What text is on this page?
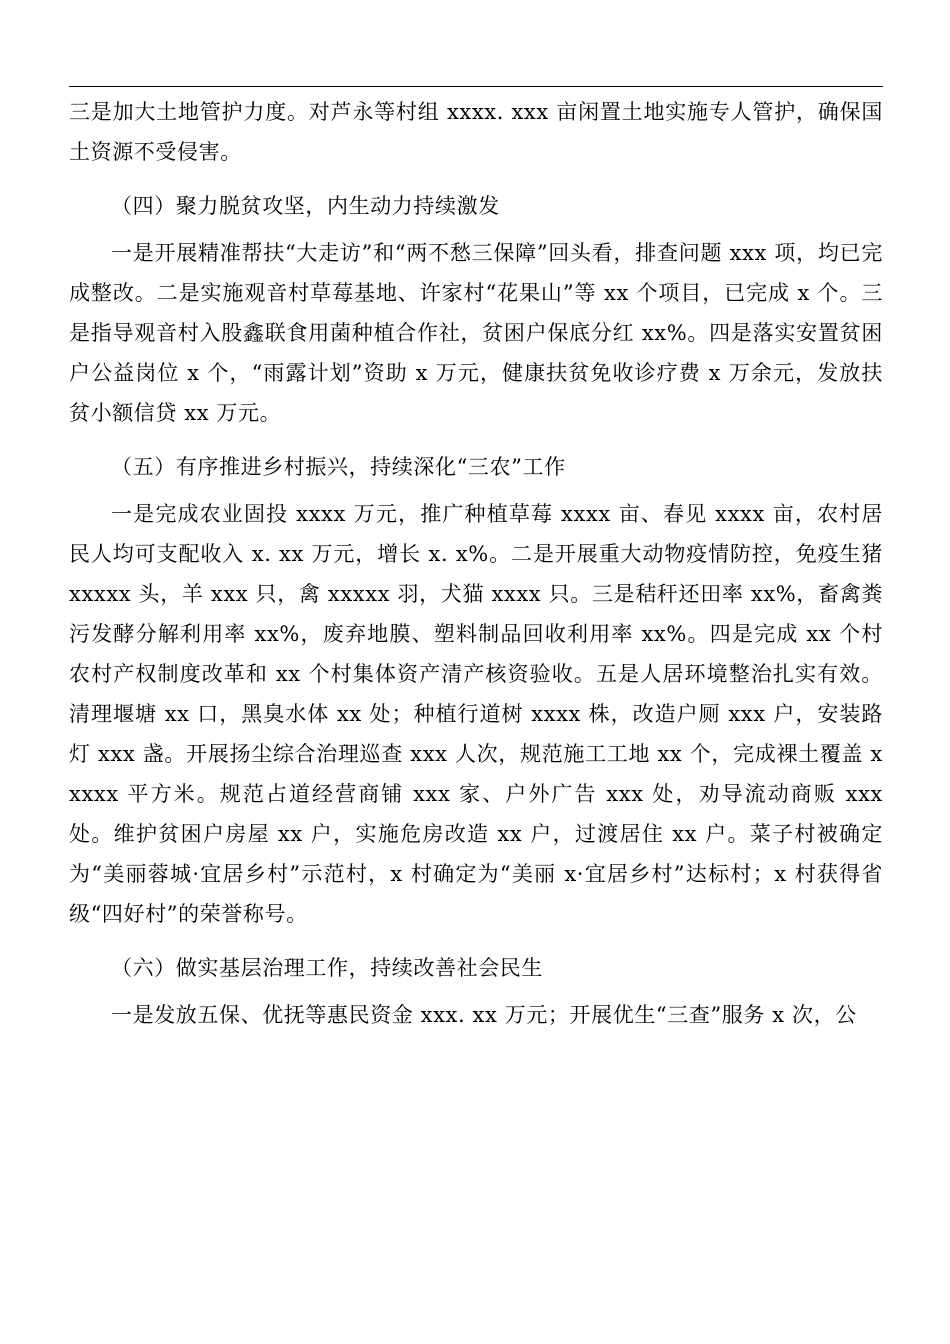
三是加大土地管护力度。对芦永等村组 xxxx. xxx 亩闲置土地实施专人管护，确保国土资源不受侵害。

（四）聚力脱贫攻坚，内生动力持续激发

一是开展精准帮扶“大走访”和“两不愁三保障”回头看，排查问题 xxx 项，均已完成整改。二是实施观音村草莓基地、许家村“花果山”等 xx 个项目，已完成 x 个。三是指导观音村入股鑫联食用菌种植合作社，贫困户保底分红 xx%。四是落实安置贫困户公益岗位 x 个，“雨露计划”资助 x 万元，健康扶贫免收诊疗费 x 万余元，发放扶贫小额信贷 xx 万元。

（五）有序推进乡村振兴，持续深化“三农”工作

一是完成农业固投 xxxx 万元，推广种植草莓 xxxx 亩、春见 xxxx 亩，农村居民人均可支配收入 x. xx 万元，增长 x. x%。二是开展重大动物疫情防控，免疫生猪 xxxxx 头，羊 xxx 只，禽 xxxxx 羽，犬猫 xxxx 只。三是秸秆还田率 xx%，畜禽粪污发酵分解利用率 xx%，废弃地膜、塑料制品回收利用率 xx%。四是完成 xx 个村农村产权制度改革和 xx 个村集体资产清产核资验收。五是人居环境整治扎实有效。清理堰塘 xx 口，黑臭水体 xx 处；种植行道树 xxxx 株，改造户厕 xxx 户，安装路灯 xxx 盏。开展扬尘综合治理巡查 xxx 人次，规范施工工地 xx 个，完成裸土覆盖 xxxxx 平方米。规范占道经营商铺 xxx 家、户外广告 xxx 处，劝导流动商贩 xxx 处。维护贫困户房屋 xx 户，实施危房改造 xx 户，过渡居住 xx 户。菜子村被确定为“美丽蓉城·宜居乡村”示范村，x 村确定为“美丽 x·宜居乡村”达标村；x 村获得省级“四好村”的荣誉称号。

（六）做实基层治理工作，持续改善社会民生

一是发放五保、优抚等惠民资金 xxx. xx 万元；开展优生“三查”服务 x 次，公
